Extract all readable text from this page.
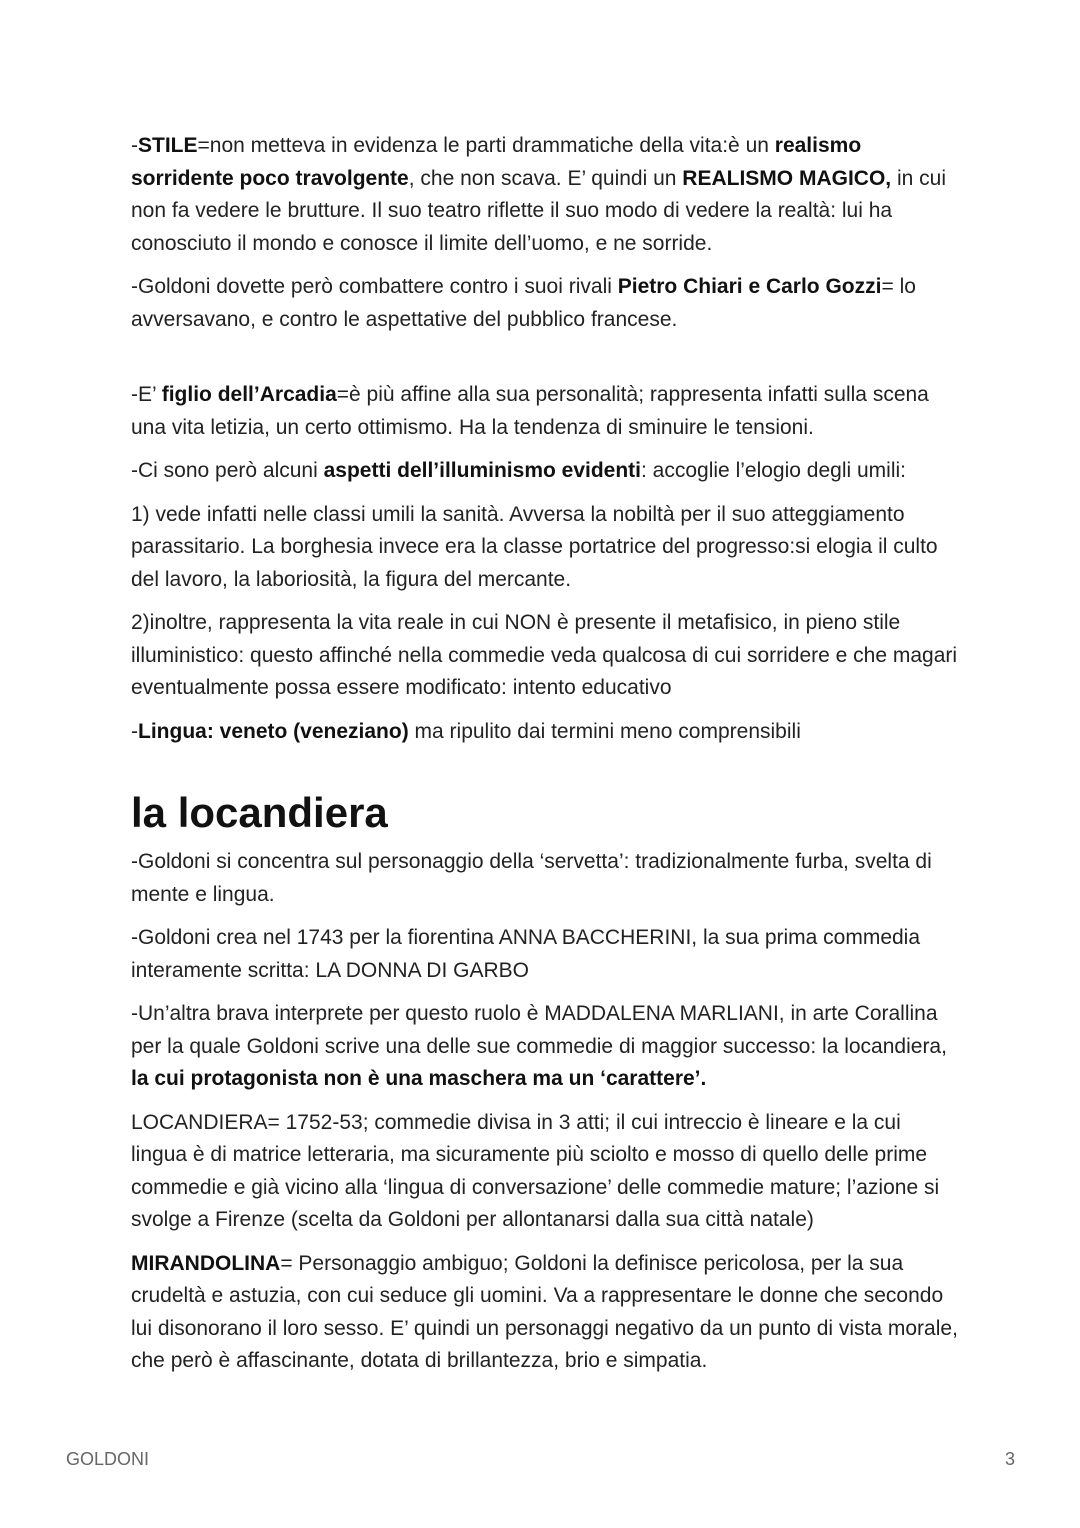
-STILE=non metteva in evidenza le parti drammatiche della vita:è un realismo sorridente poco travolgente, che non scava. E’ quindi un REALISMO MAGICO, in cui non fa vedere le brutture. Il suo teatro riflette il suo modo di vedere la realtà: lui ha conosciuto il mondo e conosce il limite dell’uomo, e ne sorride.

-Goldoni dovette però combattere contro i suoi rivali Pietro Chiari e Carlo Gozzi= lo avversavano, e contro le aspettative del pubblico francese.

-E’ figlio dell’Arcadia=è più affine alla sua personalità; rappresenta infatti sulla scena una vita letizia, un certo ottimismo. Ha la tendenza di sminuire le tensioni.

-Ci sono però alcuni aspetti dell’illuminismo evidenti: accoglie l’elogio degli umili:

1) vede infatti nelle classi umili la sanità. Avversa la nobiltà per il suo atteggiamento parassitario. La borghesia invece era la classe portatrice del progresso:si elogia il culto del lavoro, la laboriosità, la figura del mercante.

2)inoltre, rappresenta la vita reale in cui NON è presente il metafisico, in pieno stile illuministico: questo affinché nella commedie veda qualcosa di cui sorridere e che magari eventualmente possa essere modificato: intento educativo

-Lingua: veneto (veneziano) ma ripulito dai termini meno comprensibili

la locandiera

-Goldoni si concentra sul personaggio della ‘servetta’: tradizionalmente furba, svelta di mente e lingua.

-Goldoni crea nel 1743 per la fiorentina ANNA BACCHERINI, la sua prima commedia interamente scritta: LA DONNA DI GARBO

-Un’altra brava interprete per questo ruolo è MADDALENA MARLIANI, in arte Corallina per la quale Goldoni scrive una delle sue commedie di maggior successo: la locandiera, la cui protagonista non è una maschera ma un ‘carattere’.

LOCANDIERA= 1752-53; commedie divisa in 3 atti; il cui intreccio è lineare e la cui lingua è di matrice letteraria, ma sicuramente più sciolto e mosso di quello delle prime commedie e già vicino alla ‘lingua di conversazione’ delle commedie mature; l’azione si svolge a Firenze (scelta da Goldoni per allontanarsi dalla sua città natale)

MIRANDOLINA= Personaggio ambiguo; Goldoni la definisce pericolosa, per la sua crudeltà e astuzia, con cui seduce gli uomini. Va a rappresentare le donne che secondo lui disonorano il loro sesso. E’ quindi un personaggi negativo da un punto di vista morale, che però è affascinante, dotata di brillantezza, brio e simpatia.

GOLDONI	3
